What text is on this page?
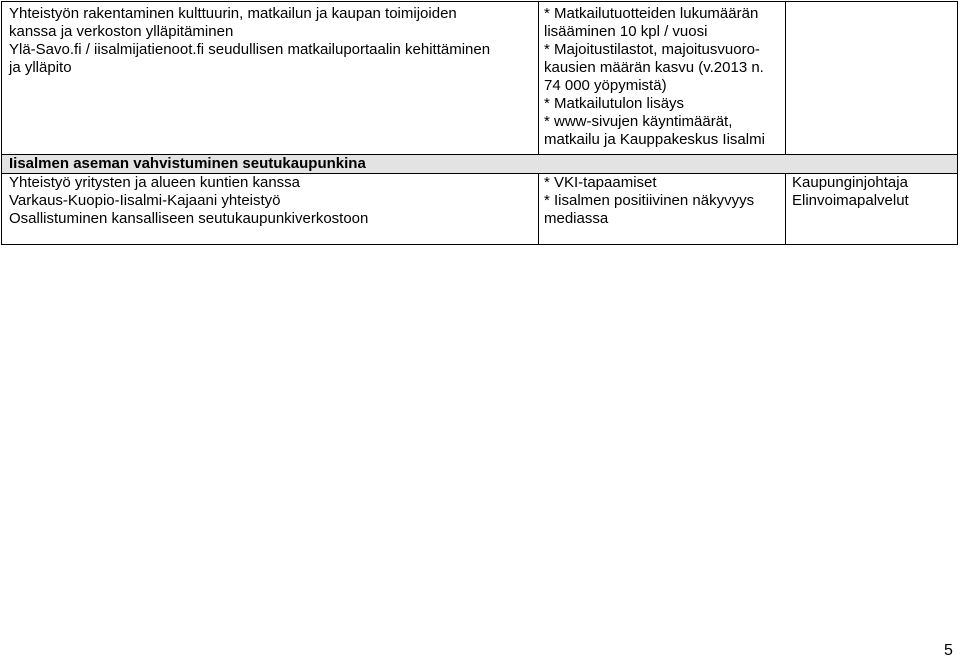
Yhteistyön rakentaminen kulttuurin, matkailun ja kaupan toimijoiden
kanssa ja verkoston ylläpitäminen
Ylä-Savo.fi / iisalmijatienoot.fi seudullisen matkailuportaalin kehittäminen
ja ylläpito
* Matkailutuotteiden lukumäärän
lisääminen 10 kpl / vuosi
* Majoitustilastot, majoitusvuoro-
kausien määrän kasvu (v.2013 n.
74 000 yöpymistä)
* Matkailutulon lisäys
* www-sivujen käyntimäärät,
matkailu ja Kauppakeskus Iisalmi
Iisalmen aseman vahvistuminen seutukaupunkina
Yhteistyö yritysten ja alueen kuntien kanssa
Varkaus-Kuopio-Iisalmi-Kajaani yhteistyö
Osallistuminen kansalliseen seutukaupunkiverkostoon
* VKI-tapaamiset
* Iisalmen positiivinen näkyvyys
mediassa
Kaupunginjohtaja
Elinvoimapalvelut
5
